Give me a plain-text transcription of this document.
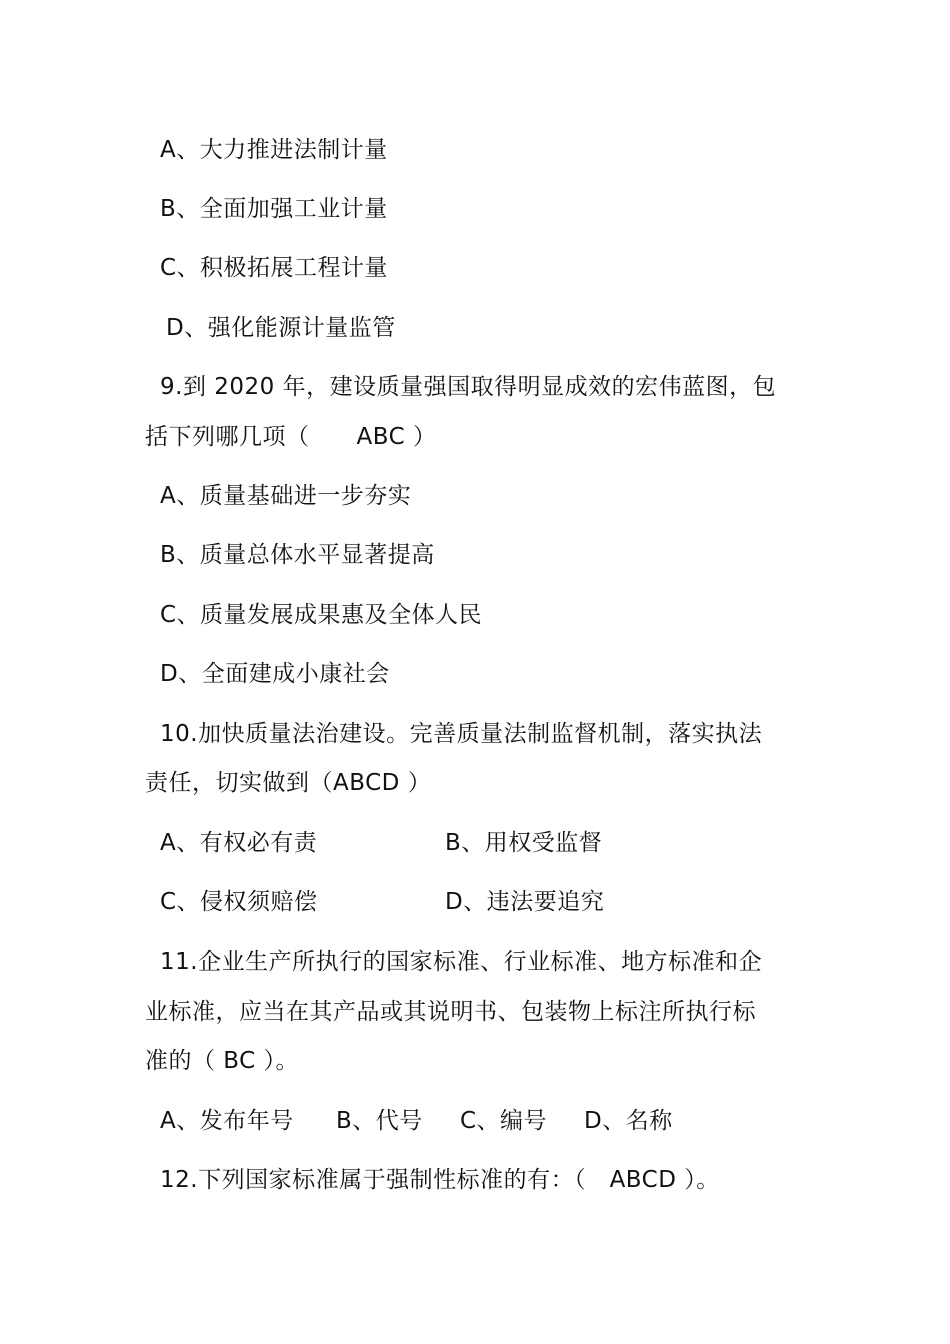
A、大力推进法制计量
B、全面加强工业计量
C、积极拓展工程计量
D、强化能源计量监管
9.到 2020 年，建设质量强国取得明显成效的宏伟蓝图，包
括下列哪几项（　　ABC ）
A、质量基础进一步夯实
B、质量总体水平显著提高
C、质量发展成果惠及全体人民
D、全面建成小康社会
10.加快质量法治建设。完善质量法制监督机制，落实执法
责任，切实做到（ABCD ）
A、有权必有责	B、用权受监督
C、侵权须赔偿	D、违法要追究
11.企业生产所执行的国家标准、行业标准、地方标准和企
业标准，应当在其产品或其说明书、包装物上标注所执行标
准的（ BC ）。
A、发布年号 B、代号 C、编号 D、名称
12.下列国家标准属于强制性标准的有：（　ABCD ）。
